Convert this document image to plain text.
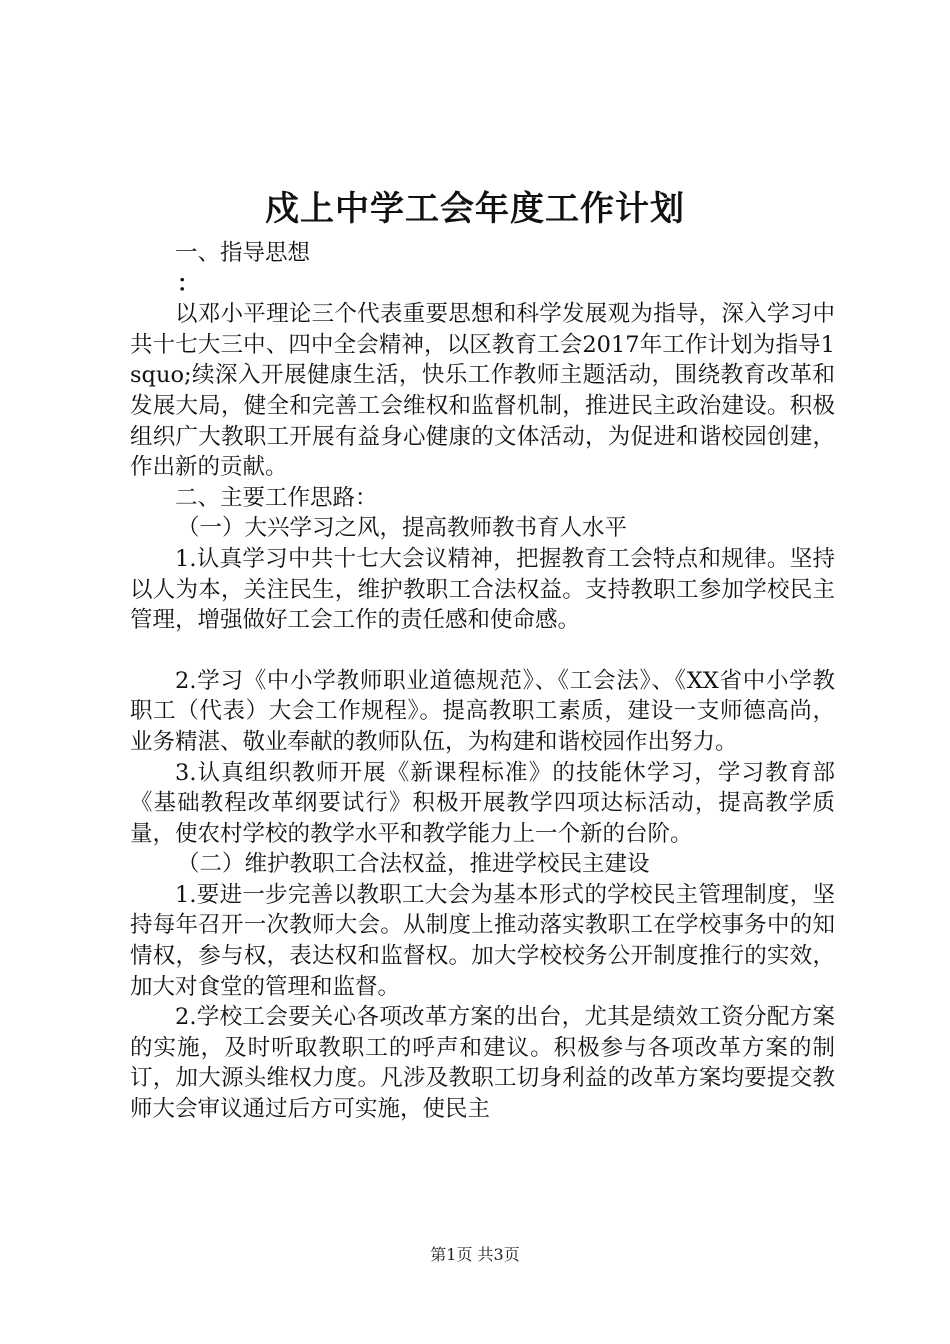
戍上中学工会年度工作计划

一、指导思想

：

以邓小平理论三个代表重要思想和科学发展观为指导，深入学习中共十七大三中、四中全会精神，以区教育工会2017年工作计划为指导1squo;续深入开展健康生活，快乐工作教师主题活动，围绕教育改革和发展大局，健全和完善工会维权和监督机制，推进民主政治建设。积极组织广大教职工开展有益身心健康的文体活动，为促进和谐校园创建，作出新的贡献。

二、主要工作思路：

（一）大兴学习之风，提高教师教书育人水平

1.认真学习中共十七大会议精神，把握教育工会特点和规律。坚持以人为本，关注民生，维护教职工合法权益。支持教职工参加学校民主管理，增强做好工会工作的责任感和使命感。

2.学习《中小学教师职业道德规范》、《工会法》、《XX省中小学教职工（代表）大会工作规程》。提高教职工素质，建设一支师德高尚，业务精湛、敬业奉献的教师队伍，为构建和谐校园作出努力。

3.认真组织教师开展《新课程标准》的技能休学习，学习教育部《基础教程改革纲要试行》积极开展教学四项达标活动，提高教学质量，使农村学校的教学水平和教学能力上一个新的台阶。

（二）维护教职工合法权益，推进学校民主建设

1.要进一步完善以教职工大会为基本形式的学校民主管理制度，坚持每年召开一次教师大会。从制度上推动落实教职工在学校事务中的知情权，参与权，表达权和监督权。加大学校校务公开制度推行的实效，加大对食堂的管理和监督。

2.学校工会要关心各项改革方案的出台，尤其是绩效工资分配方案的实施，及时听取教职工的呼声和建议。积极参与各项改革方案的制订，加大源头维权力度。凡涉及教职工切身利益的改革方案均要提交教师大会审议通过后方可实施，使民主

第1页 共3页
